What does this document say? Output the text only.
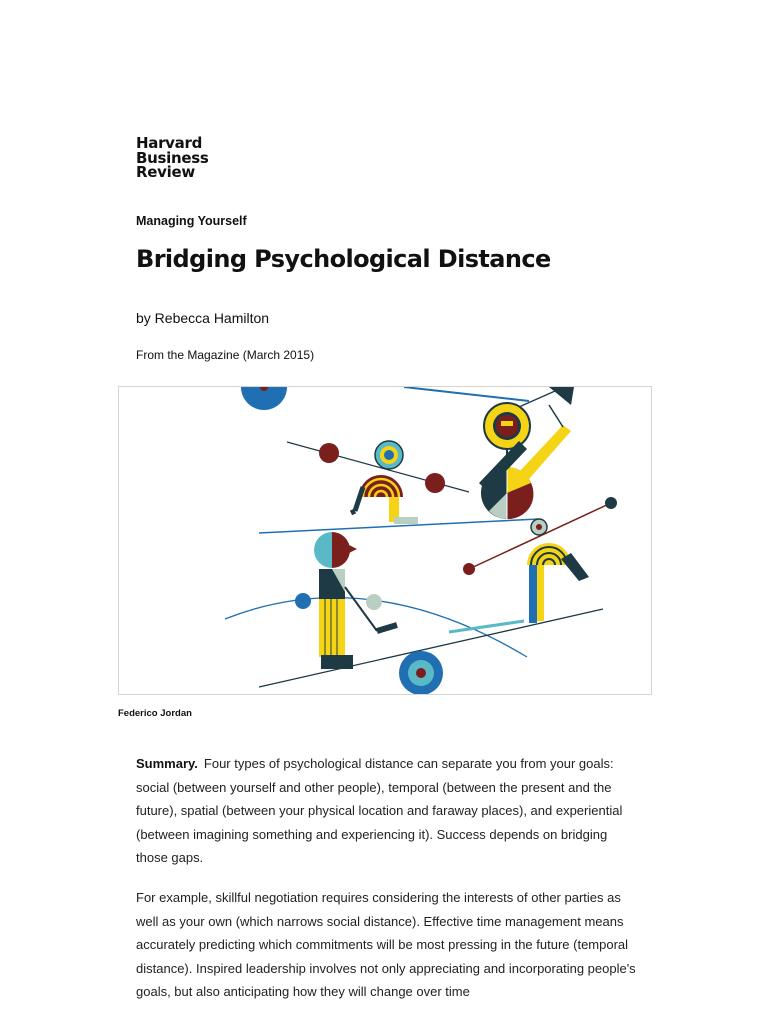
Harvard
Business
Review
Managing Yourself
Bridging Psychological Distance
by Rebecca Hamilton
From the Magazine (March 2015)
Federico Jordan

Summary. Four types of psychological distance can separate you from your goals: social (between yourself and other people), temporal (between the present and the future), spatial (between your physical location and faraway places), and experiential (between imagining something and experiencing it). Success depends on bridging those gaps.

For example, skillful negotiation requires considering the interests of other parties as well as your own (which narrows social distance). Effective time management means accurately predicting which commitments will be most pressing in the future (temporal distance). Inspired leadership involves not only appreciating and incorporating people's goals, but also anticipating how they will change over time
